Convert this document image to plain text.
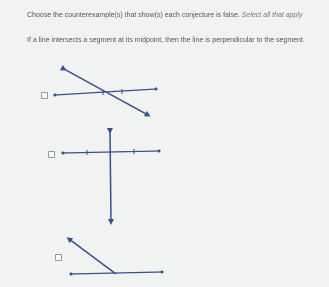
Choose the counterexample(s) that show(s) each conjecture is false. Select all that apply
If a line intersects a segment at its midpoint, then the line is perpendicular to the segment.
